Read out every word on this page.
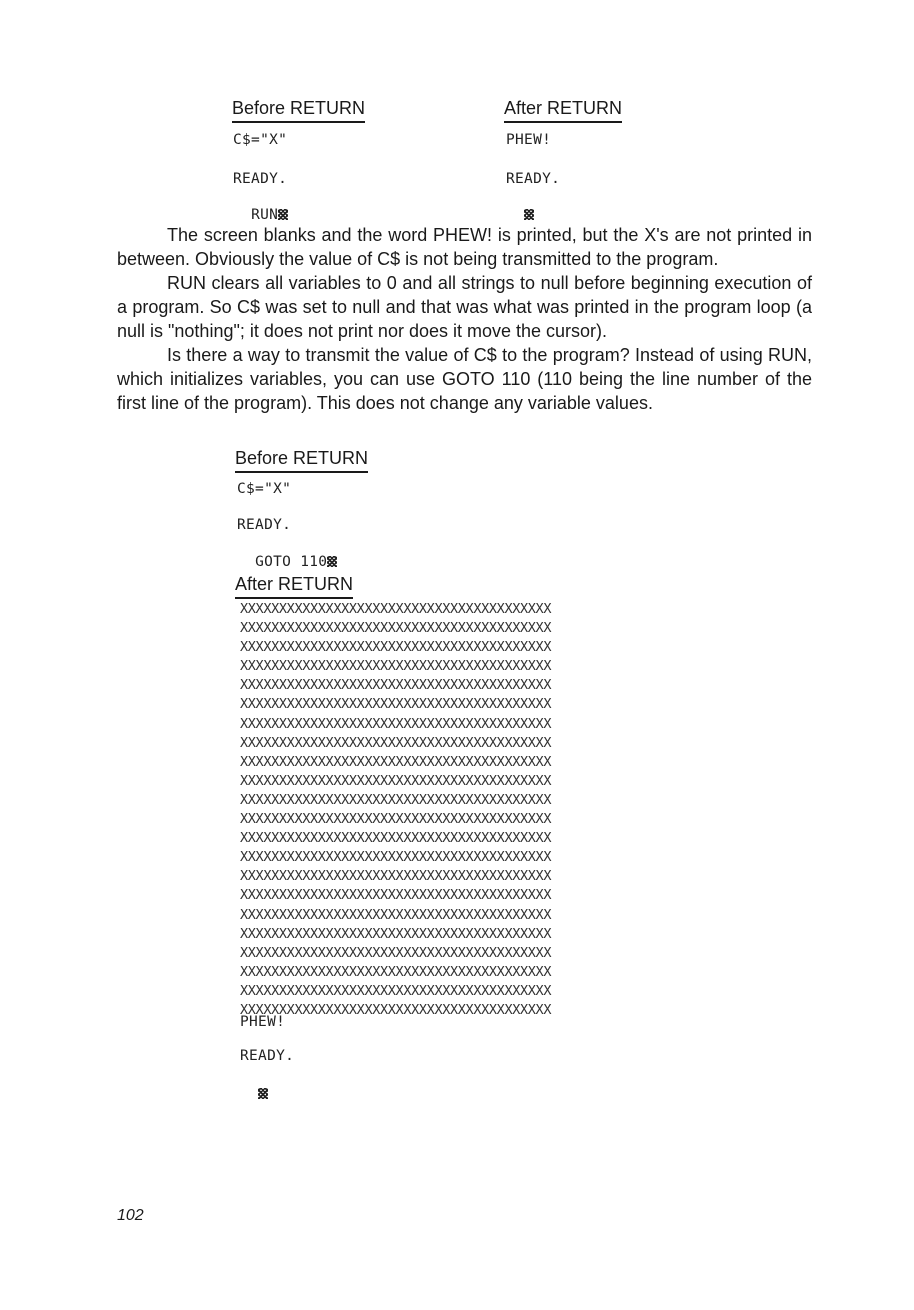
Before RETURN	After RETURN
C$="X"
READY.

RUN

PHEW!
READY.

The screen blanks and the word PHEW! is printed, but the X's are not printed in between. Obviously the value of C$ is not being transmitted to the program.

RUN clears all variables to 0 and all strings to null before beginning execution of a program. So C$ was set to null and that was what was printed in the program loop (a null is "nothing"; it does not print nor does it move the cursor).

Is there a way to transmit the value of C$ to the program? Instead of using RUN, which initializes variables, you can use GOTO 110 (110 being the line number of the first line of the program). This does not change any variable values.

Before RETURN
C$="X"
READY.

GOTO 110

After RETURN
XXXXXXXXXXXXXXXXXXXXXXXXXXXXXXXXXXXXXXXX
XXXXXXXXXXXXXXXXXXXXXXXXXXXXXXXXXXXXXXXX
XXXXXXXXXXXXXXXXXXXXXXXXXXXXXXXXXXXXXXXX
XXXXXXXXXXXXXXXXXXXXXXXXXXXXXXXXXXXXXXXX
XXXXXXXXXXXXXXXXXXXXXXXXXXXXXXXXXXXXXXXX
XXXXXXXXXXXXXXXXXXXXXXXXXXXXXXXXXXXXXXXX
XXXXXXXXXXXXXXXXXXXXXXXXXXXXXXXXXXXXXXXX
XXXXXXXXXXXXXXXXXXXXXXXXXXXXXXXXXXXXXXXX
XXXXXXXXXXXXXXXXXXXXXXXXXXXXXXXXXXXXXXXX
XXXXXXXXXXXXXXXXXXXXXXXXXXXXXXXXXXXXXXXX
XXXXXXXXXXXXXXXXXXXXXXXXXXXXXXXXXXXXXXXX
XXXXXXXXXXXXXXXXXXXXXXXXXXXXXXXXXXXXXXXX
XXXXXXXXXXXXXXXXXXXXXXXXXXXXXXXXXXXXXXXX
XXXXXXXXXXXXXXXXXXXXXXXXXXXXXXXXXXXXXXXX
XXXXXXXXXXXXXXXXXXXXXXXXXXXXXXXXXXXXXXXX
XXXXXXXXXXXXXXXXXXXXXXXXXXXXXXXXXXXXXXXX
XXXXXXXXXXXXXXXXXXXXXXXXXXXXXXXXXXXXXXXX
XXXXXXXXXXXXXXXXXXXXXXXXXXXXXXXXXXXXXXXX
XXXXXXXXXXXXXXXXXXXXXXXXXXXXXXXXXXXXXXXX
XXXXXXXXXXXXXXXXXXXXXXXXXXXXXXXXXXXXXXXX
XXXXXXXXXXXXXXXXXXXXXXXXXXXXXXXXXXXXXXXX
XXXXXXXXXXXXXXXXXXXXXXXXXXXXXXXXXXXXXXXX
PHEW!
READY.

102
